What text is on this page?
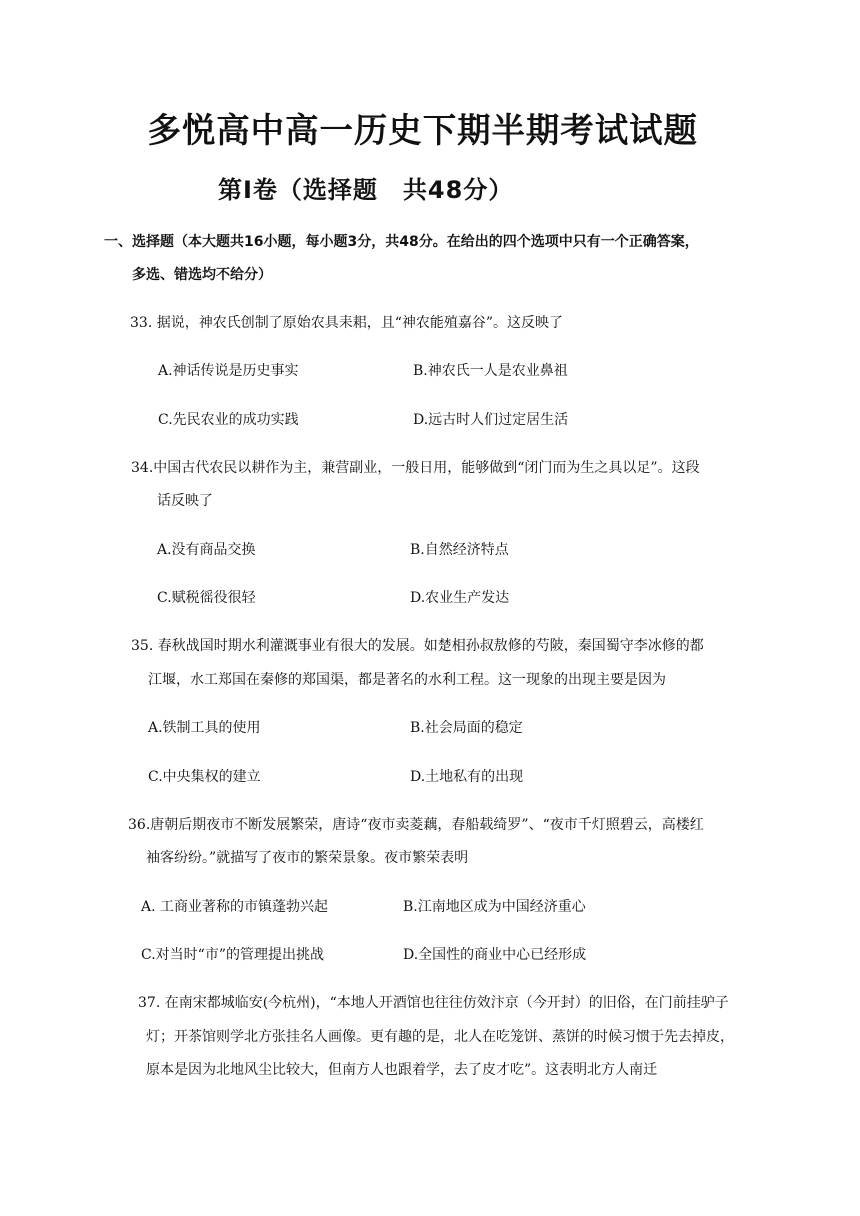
多悦高中高一历史下期半期考试试题
第Ⅰ卷（选择题　共48分）
一、选择题（本大题共16小题，每小题3分，共48分。在给出的四个选项中只有一个正确答案，
多选、错选均不给分）
33. 据说，神农氏创制了原始农具耒耜，且“神农能殖嘉谷”。这反映了
A.神话传说是历史事实	B.神农氏一人是农业鼻祖
C.先民农业的成功实践	D.远古时人们过定居生活
34.中国古代农民以耕作为主，兼营副业，一般日用，能够做到“闭门而为生之具以足”。这段
话反映了
A.没有商品交换	B.自然经济特点
C.赋税徭役很轻	D.农业生产发达
35. 春秋战国时期水利灌溉事业有很大的发展。如楚相孙叔敖修的芍陂，秦国蜀守李冰修的都
江堰，水工郑国在秦修的郑国渠，都是著名的水利工程。这一现象的出现主要是因为
A.铁制工具的使用	B.社会局面的稳定
C.中央集权的建立	D.土地私有的出现
36.唐朝后期夜市不断发展繁荣，唐诗“夜市卖菱藕，春船载绮罗”、“夜市千灯照碧云，高楼红
袖客纷纷。”就描写了夜市的繁荣景象。夜市繁荣表明
A. 工商业著称的市镇蓬勃兴起	B.江南地区成为中国经济重心
C.对当时“市”的管理提出挑战	D.全国性的商业中心已经形成
37. 在南宋都城临安(今杭州)，“本地人开酒馆也往往仿效汴京（今开封）的旧俗，在门前挂驴子
灯；开茶馆则学北方张挂名人画像。更有趣的是，北人在吃笼饼、蒸饼的时候习惯于先去掉皮，
原本是因为北地风尘比较大，但南方人也跟着学，去了皮才吃”。这表明北方人南迁
